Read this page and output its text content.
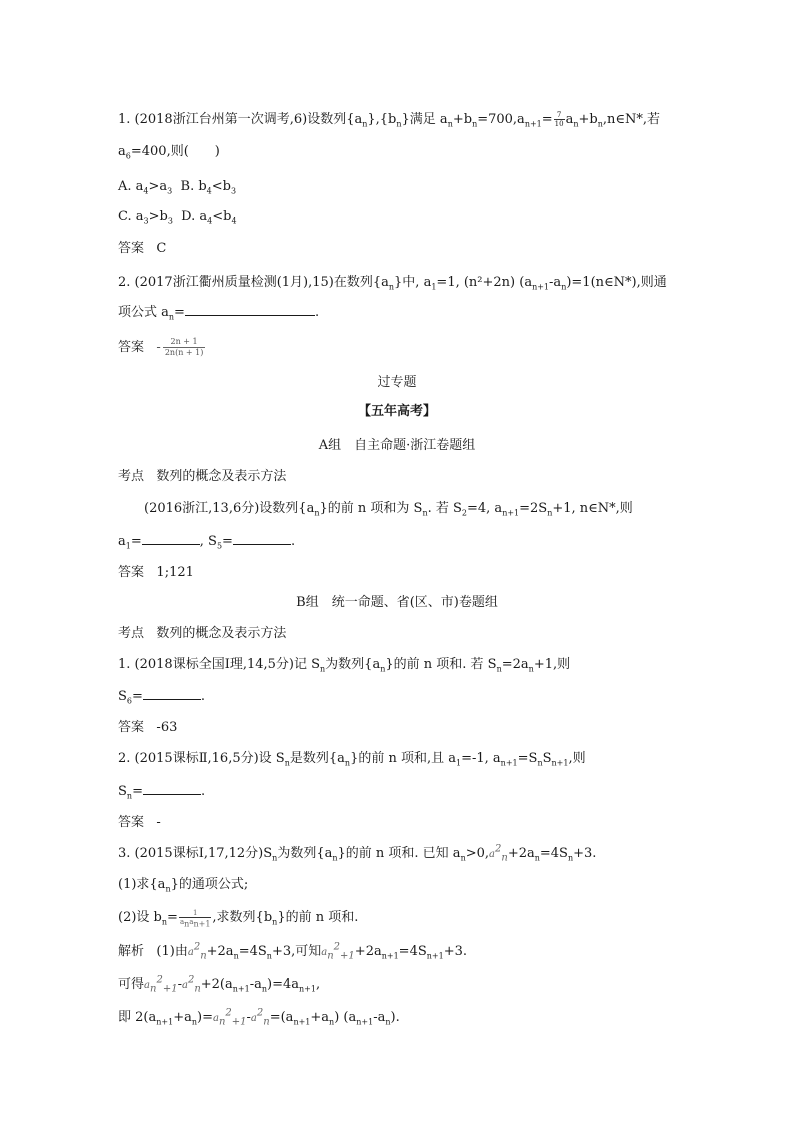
1. (2018浙江台州第一次调考,6)设数列$\{a_n\},\{b_n\}$满足 $a_n+b_n=700,a_{n+1}= \frac{7}{10}$ $a_n+b_n,n\in N*$,若
$a_6=400$,则(　　)
A. $a_4>a_3$ B. $b_4<b_3$
C. $a_3>b_3$ D. $a_4<b_4$
答案 C
2. (2017浙江衢州质量检测(1月),15)在数列$\{a_n\}$中, $a_1=1$, (n²+2n) $(a_{n+1}-a_n)=1(n\in N*)$,则通
项公式 $a_n=$	.
答案 - $\frac{2n + 1}{2n(n + 1)}$
过专题
【五年高考】
A组　自主命题·浙江卷题组
考点 数列的概念及表示方法
(2016浙江,13,6分)设数列$\{a_n\}$的前 n 项和为 $S_n$. 若 $S_2=4$, $a_{n+1}=2S_n+1$, n∈N*,则
$a_1=$	, $S_5=$	.
答案 1;121
B组　统一命题、省(区、市)卷题组
考点 数列的概念及表示方法
1. (2018课标全国Ⅰ理,14,5分)记 $S_n$为数列$\{a_n\}$的前 n 项和. 若 $S_n=2a_n+1$,则
$S_6=$	.
答案 -63
2. (2015课标Ⅱ,16,5分)设 $S_n$是数列$\{a_n\}$的前 n 项和,且 $a_1=-1$, $a_{n+1}=S_nS_{n+1}$,则
$S_n=$	.
答案 -
3. (2015课标Ⅰ,17,12分)$S_n$为数列$\{a_n\}$的前 n 项和. 已知 $a_n>0,a^2_n+2a_n=4S_n+3$.
(1)求$\{a_n\}$的通项公式;
(2)设 $b_n= \frac{1}{a_na_{n+1}}$ ,求数列$\{b_n\}$的前 n 项和.
解析 (1)由$a^2_n+2a_n=4S_n+3$,可知$a_n^2_{+1}+2a_{n+1}=4S_{n+1}+3$.
可得$a_n^2_{+1}-a^2_n+2(a_{n+1}-a_n)=4a_{n+1}$,
即 $2(a_{n+1}+a_n)=a_n^2_{+1}-a^2_n=(a_{n+1}+a_n)$ $(a_{n+1}-a_n)$.
